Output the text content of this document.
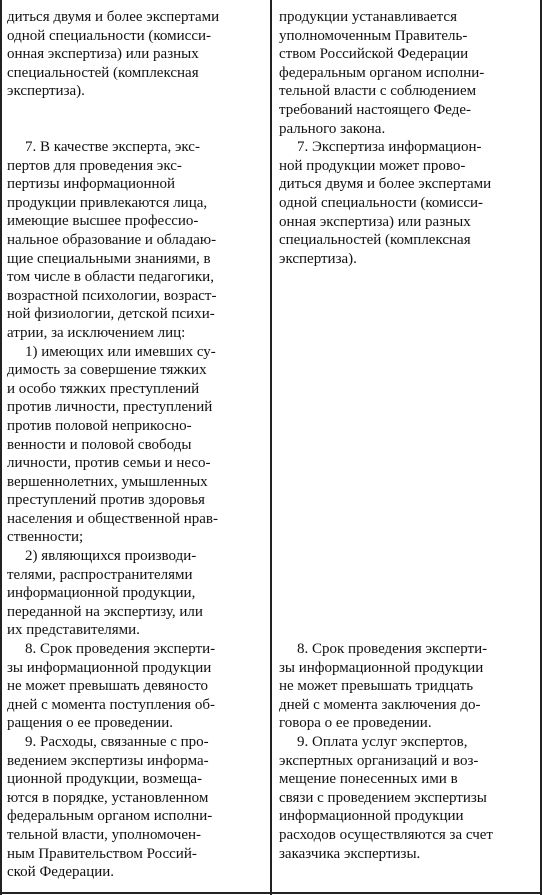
диться двумя и более экспертами
одной специальности (комисси-
онная экспертиза) или разных
специальностей (комплексная
экспертиза).
7. В качестве эксперта, экс-
пертов для проведения экс-
пертизы информационной
продукции привлекаются лица,
имеющие высшее профессио-
нальное образование и обладаю-
щие специальными знаниями, в
том числе в области педагогики,
возрастной психологии, возраст-
ной физиологии, детской психи-
атрии, за исключением лиц:
1) имеющих или имевших су-
димость за совершение тяжких
и особо тяжких преступлений
против личности, преступлений
против половой неприкосно-
венности и половой свободы
личности, против семьи и несо-
вершеннолетних, умышленных
преступлений против здоровья
населения и общественной нрав-
ственности;
2) являющихся производи-
телями, распространителями
информационной продукции,
переданной на экспертизу, или
их представителями.
8. Срок проведения эксперти-
зы информационной продукции
не может превышать девяносто
дней с момента поступления об-
ращения о ее проведении.
9. Расходы, связанные с про-
ведением экспертизы информа-
ционной продукции, возмеща-
ются в порядке, установленном
федеральным органом исполни-
тельной власти, уполномочен-
ным Правительством Россий-
ской Федерации.
продукции устанавливается
уполномоченным Правитель-
ством Российской Федерации
федеральным органом исполни-
тельной власти с соблюдением
требований настоящего Феде-
рального закона.
7. Экспертиза информацион-
ной продукции может прово-
диться двумя и более экспертами
одной специальности (комисси-
онная экспертиза) или разных
специальностей (комплексная
экспертиза).
8. Срок проведения эксперти-
зы информационной продукции
не может превышать тридцать
дней с момента заключения до-
говора о ее проведении.
9. Оплата услуг экспертов,
экспертных организаций и воз-
мещение понесенных ими в
связи с проведением экспертизы
информационной продукции
расходов осуществляются за счет
заказчика экспертизы.
